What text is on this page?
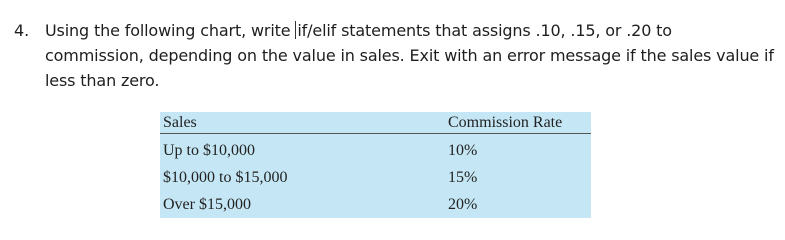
4. Using the following chart, write if/elif statements that assigns .10, .15, or .20 to commission, depending on the value in sales. Exit with an error message if the sales value if less than zero.
Sales	Commission Rate
Up to $10,000	10%
$10,000 to $15,000	15%
Over $15,000	20%
